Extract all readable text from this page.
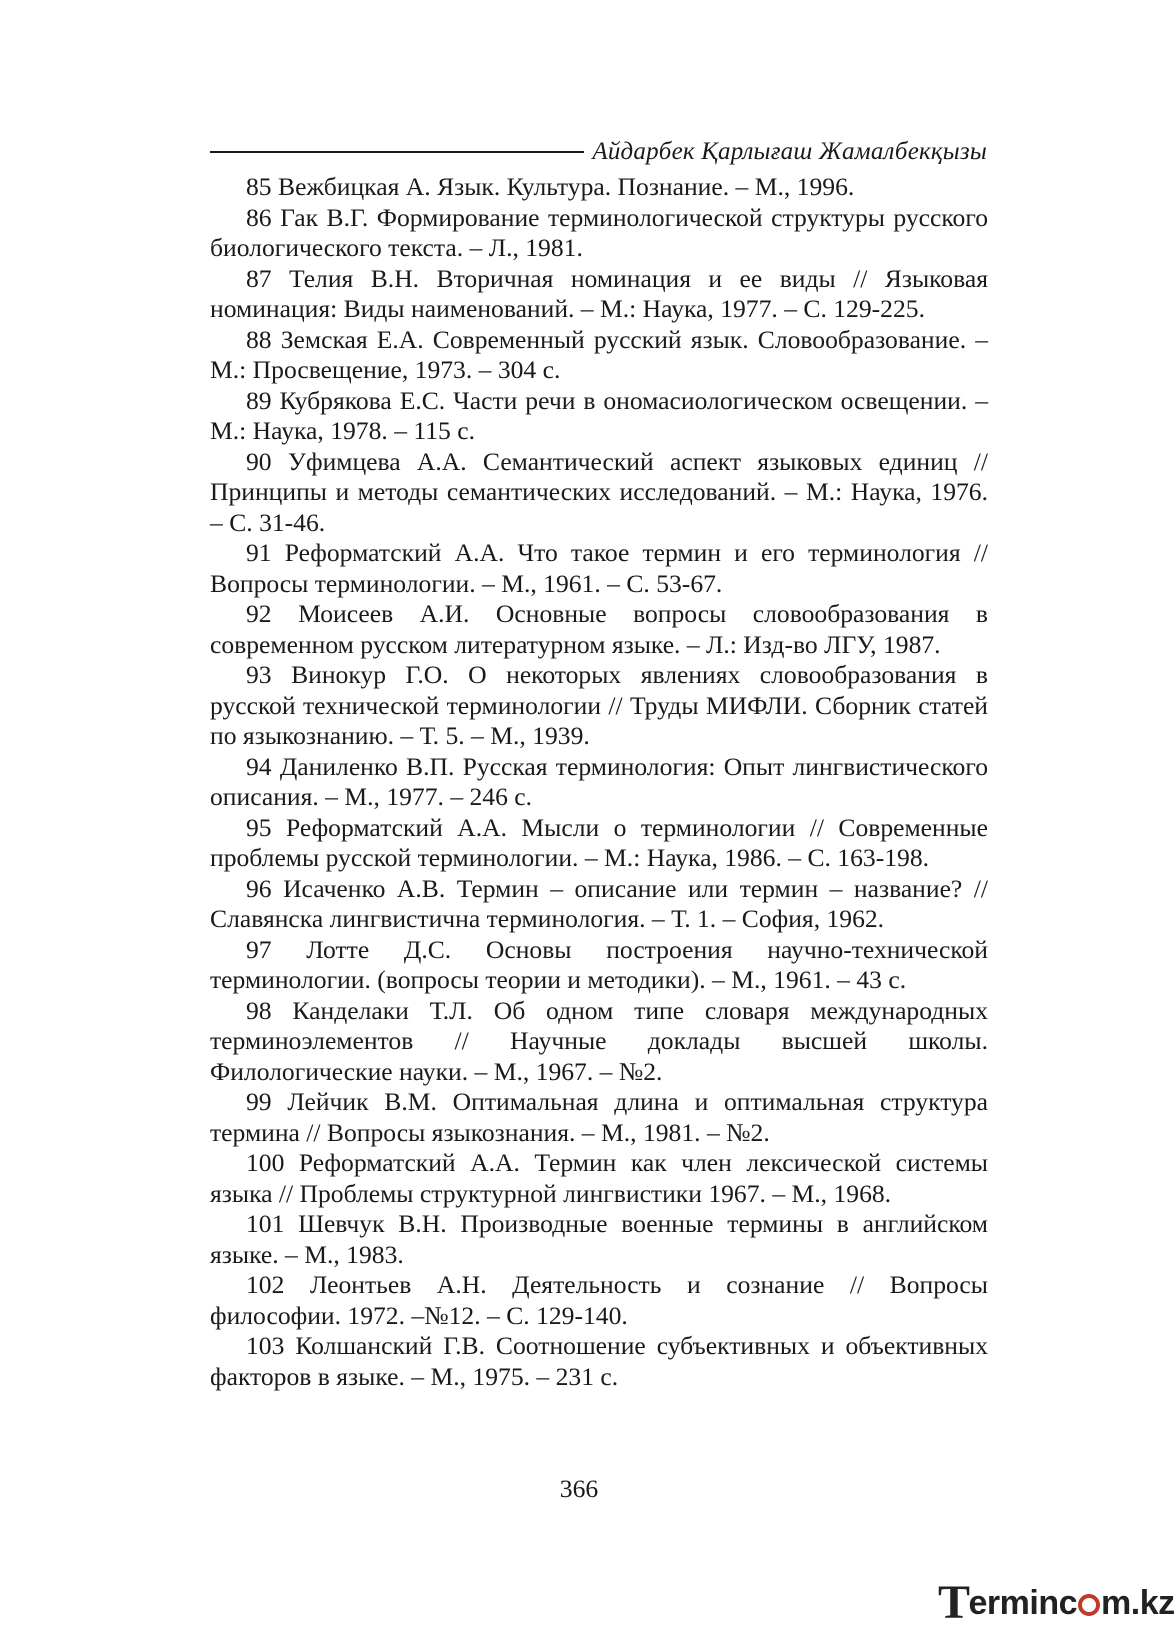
Айдарбек Қарлығаш Жамалбекқызы
85 Вежбицкая А. Язык. Культура. Познание. – М., 1996.
86 Гак В.Г. Формирование терминологической структуры русского биологического текста. – Л., 1981.
87 Телия В.Н. Вторичная номинация и ее виды // Языковая номинация: Виды наименований. – М.: Наука, 1977. – С. 129-225.
88 Земская Е.А. Современный русский язык. Словообразование. – М.: Просвещение, 1973. – 304 с.
89 Кубрякова Е.С. Части речи в ономасиологическом освещении. – М.: Наука, 1978. – 115 с.
90 Уфимцева А.А. Семантический аспект языковых единиц // Принципы и методы семантических исследований. – М.: Наука, 1976. – С. 31-46.
91 Реформатский А.А. Что такое термин и его терминология // Вопросы терминологии. – М., 1961. – С. 53-67.
92 Моисеев А.И. Основные вопросы словообразования в современном русском литературном языке. – Л.: Изд-во ЛГУ, 1987.
93 Винокур Г.О. О некоторых явлениях словообразования в русской технической терминологии // Труды МИФЛИ. Сборник статей по языкознанию. – Т. 5. – М., 1939.
94 Даниленко В.П. Русская терминология: Опыт лингвистического описания. – М., 1977. – 246 с.
95 Реформатский А.А. Мысли о терминологии // Современные проблемы русской терминологии. – М.: Наука, 1986. – С. 163-198.
96 Исаченко А.В. Термин – описание или термин – название? // Славянска лингвистична терминология. – Т. 1. – София, 1962.
97 Лотте Д.С. Основы построения научно-технической терминологии. (вопросы теории и методики). – М., 1961. – 43 с.
98 Канделаки Т.Л. Об одном типе словаря международных терминоэлементов // Научные доклады высшей школы. Филологические науки. – М., 1967. – №2.
99 Лейчик В.М. Оптимальная длина и оптимальная структура термина // Вопросы языкознания. – М., 1981. – №2.
100 Реформатский А.А. Термин как член лексической системы языка // Проблемы структурной лингвистики 1967. – М., 1968.
101 Шевчук В.Н. Производные военные термины в английском языке. – М., 1983.
102 Леонтьев А.Н. Деятельность и сознание // Вопросы философии. 1972. –№12. – С. 129-140.
103 Колшанский Г.В. Соотношение субъективных и объективных факторов в языке. – М., 1975. – 231 с.
366
T erminc m.kz
